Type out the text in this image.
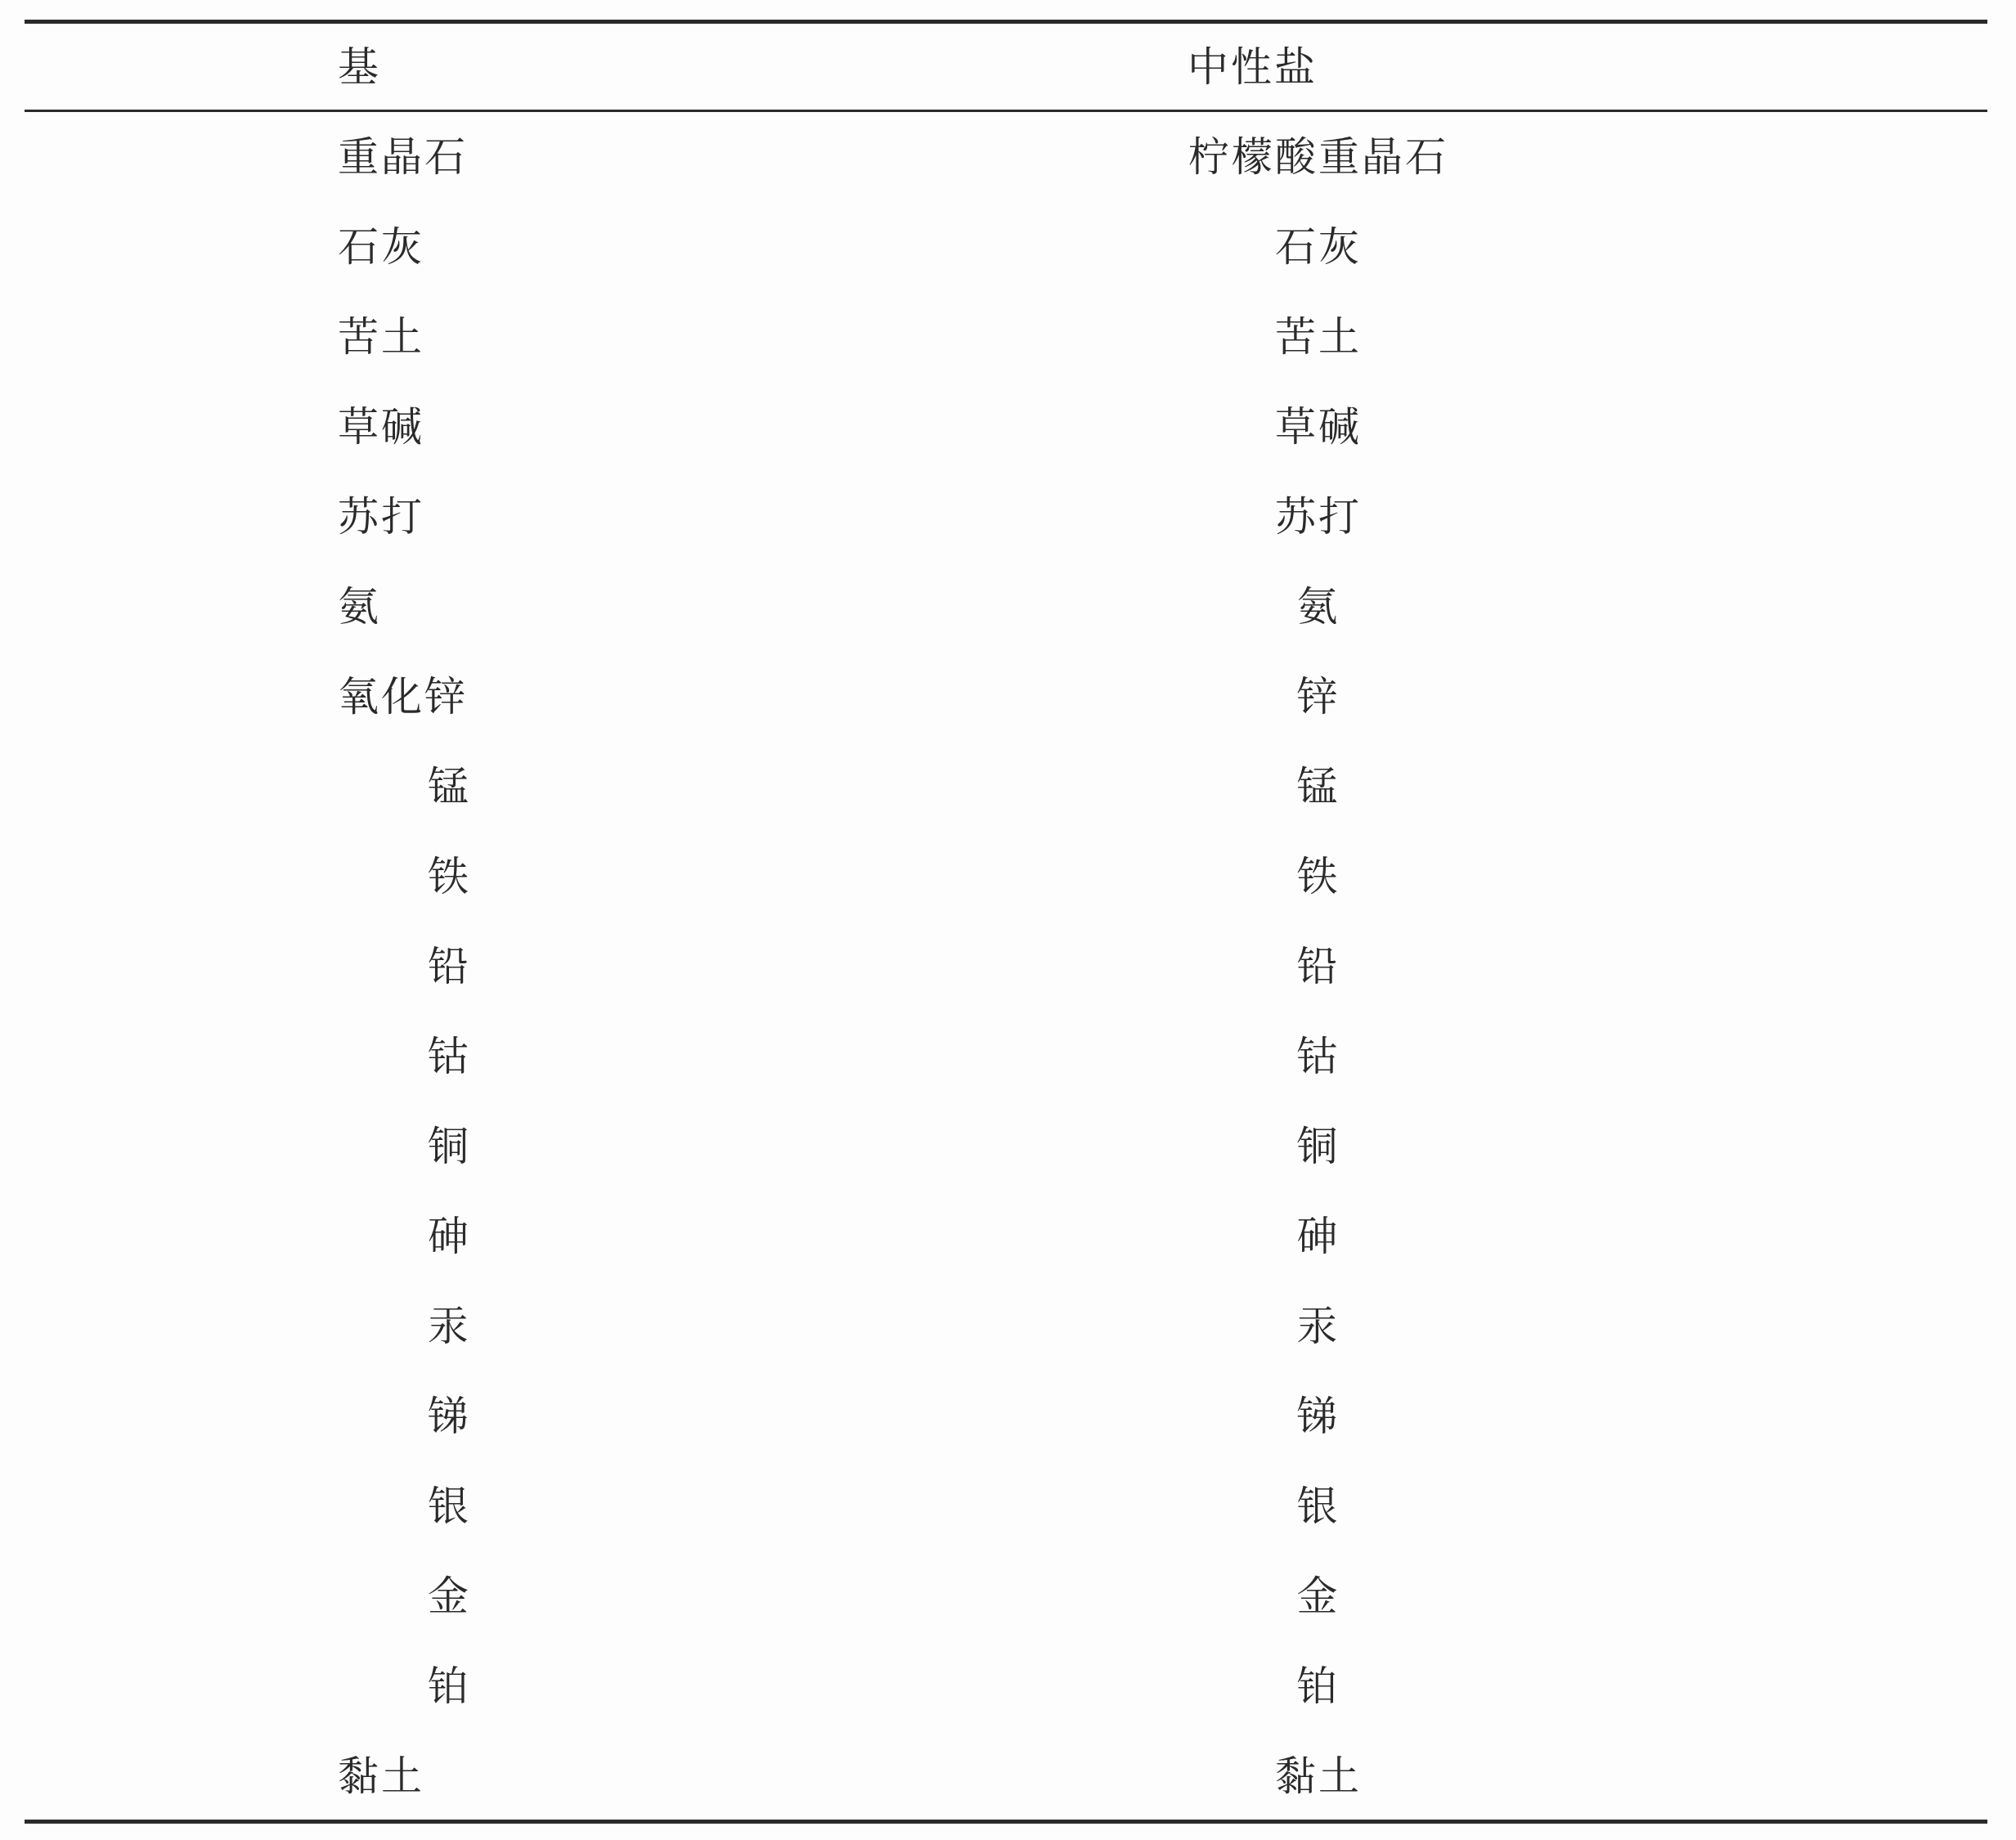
基	中性盐
重晶石	柠檬酸重晶石
石灰	石灰
苦土	苦土
草碱	草碱
苏打	苏打
氨	氨
氧化锌	锌
锰	锰
铁	铁
铅	铅
钴	钴
铜	铜
砷	砷
汞	汞
锑	锑
银	银
金	金
铂	铂
黏土	黏土
